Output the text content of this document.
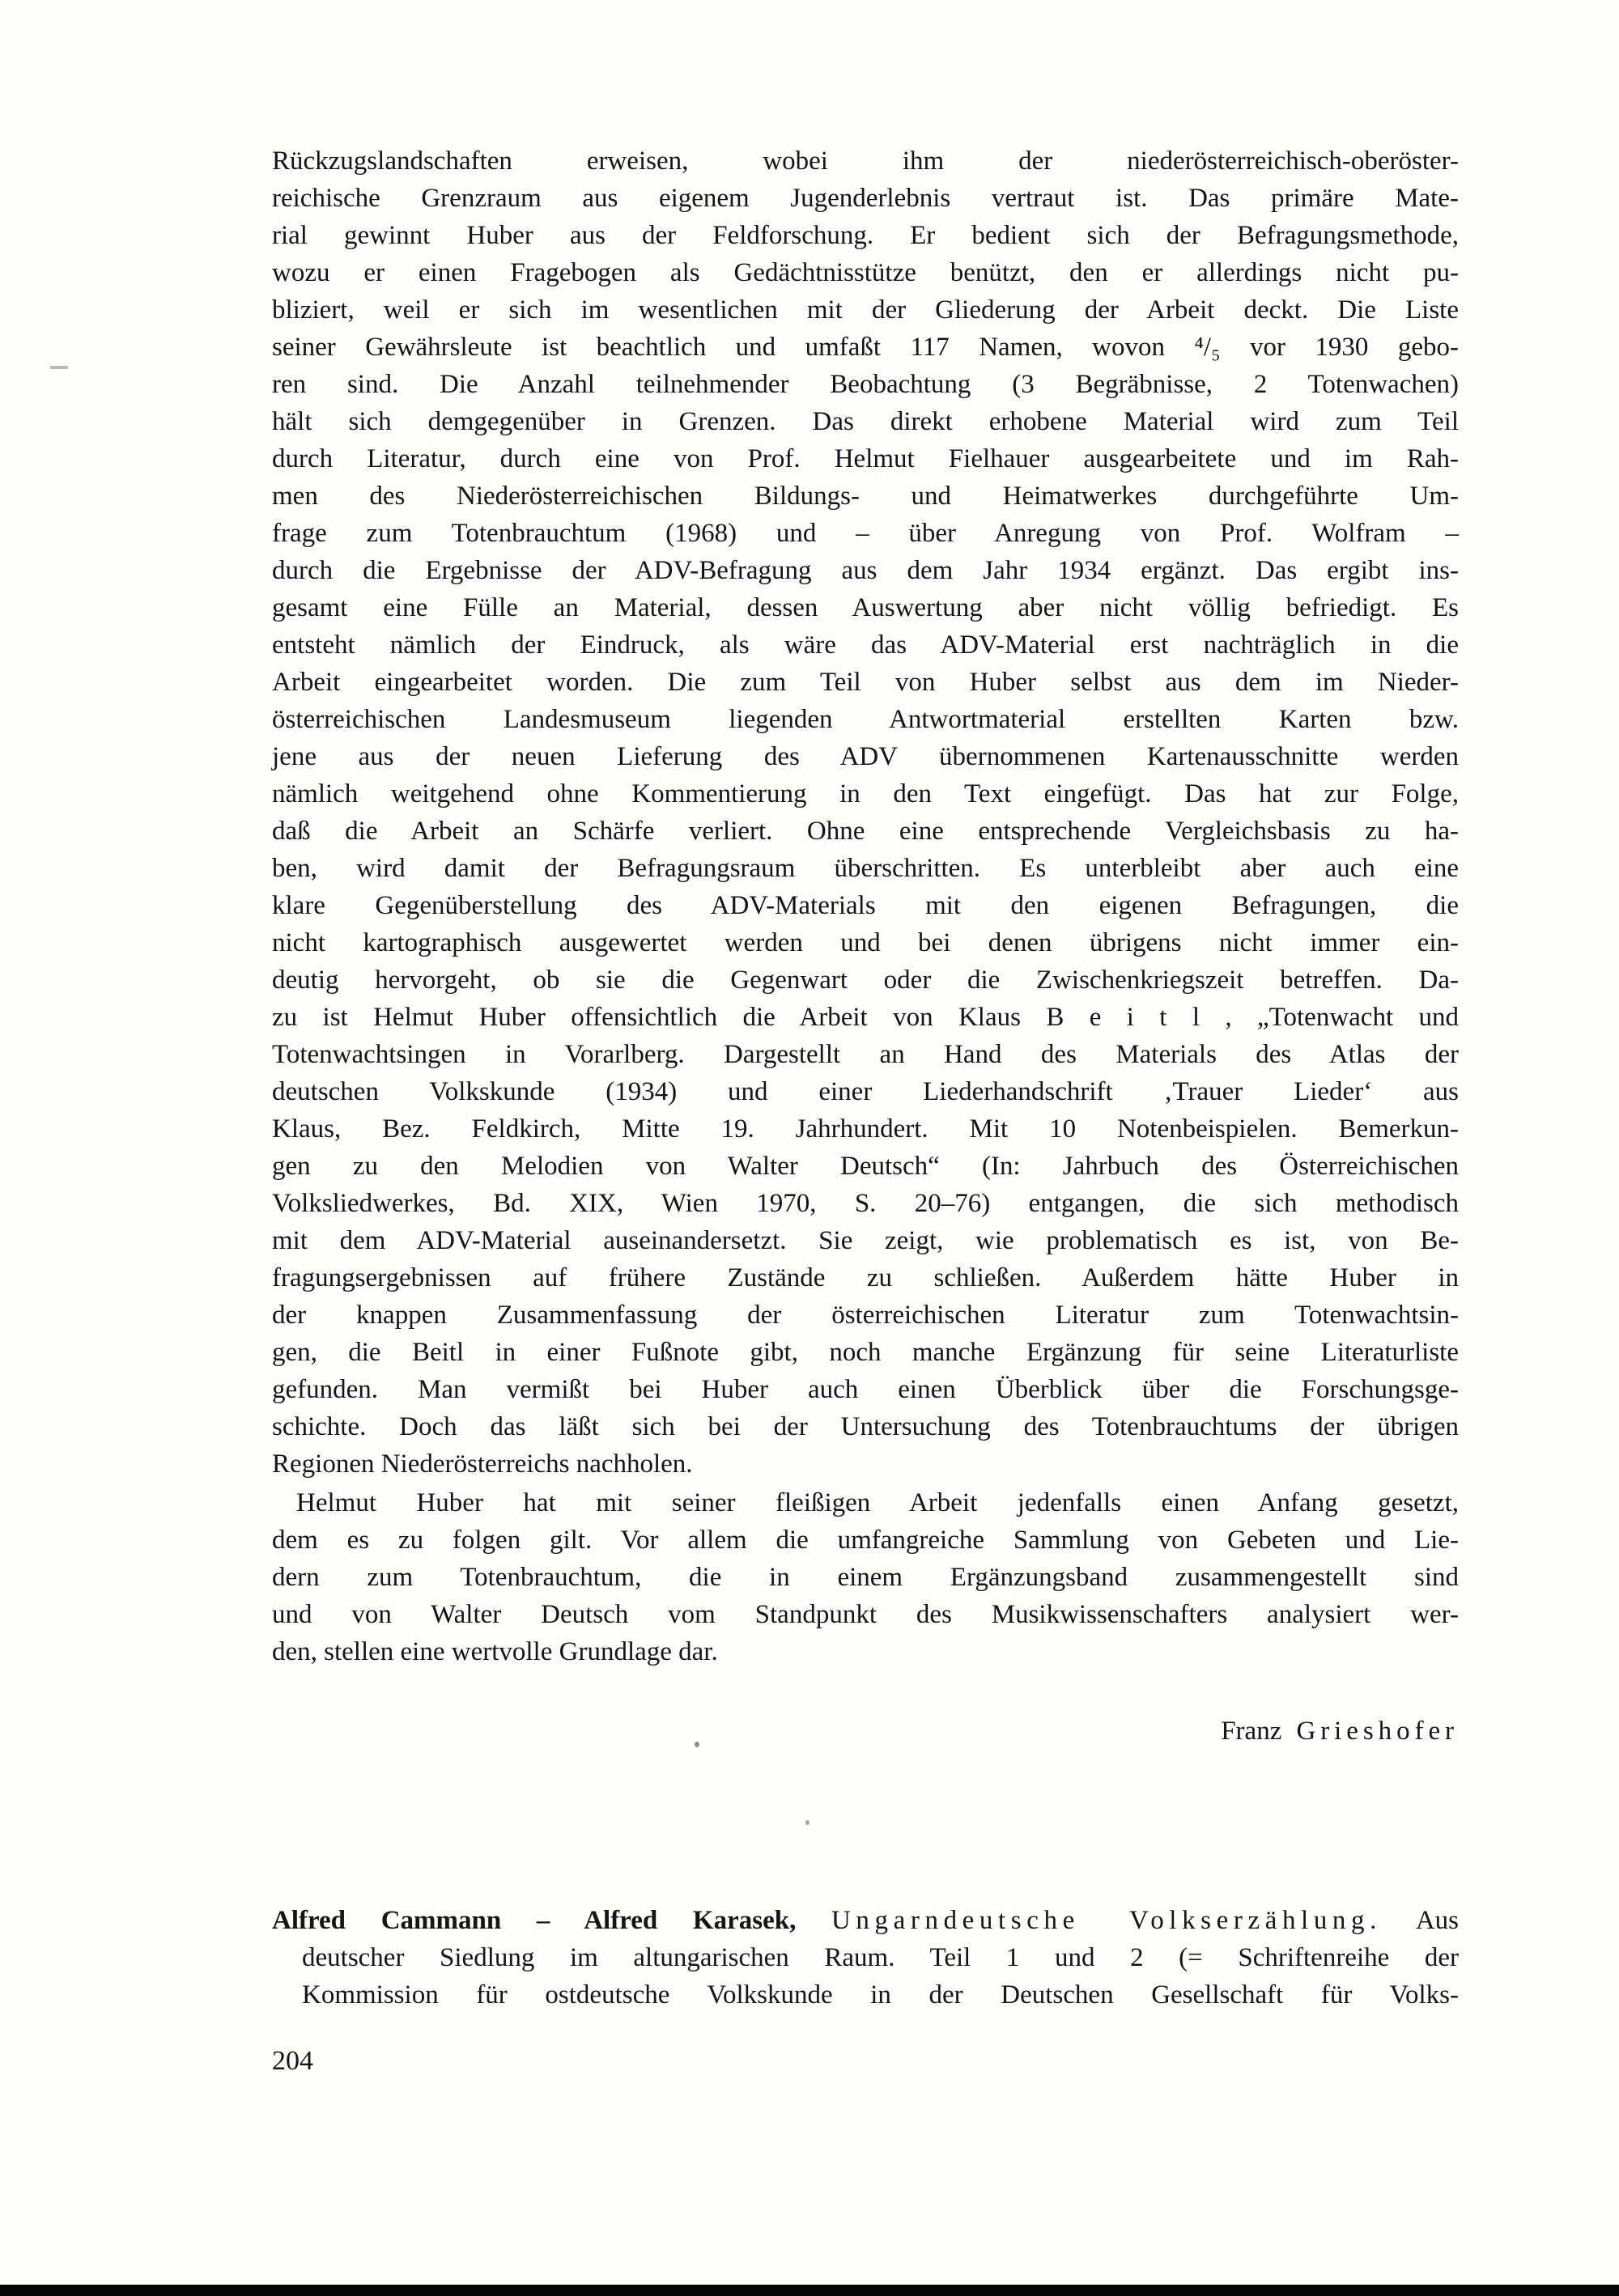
Rückzugslandschaften erweisen, wobei ihm der niederösterreichisch-oberöster-
reichische Grenzraum aus eigenem Jugenderlebnis vertraut ist. Das primäre Mate-
rial gewinnt Huber aus der Feldforschung. Er bedient sich der Befragungsmethode,
wozu er einen Fragebogen als Gedächtnisstütze benützt, den er allerdings nicht pu-
bliziert, weil er sich im wesentlichen mit der Gliederung der Arbeit deckt. Die Liste
seiner Gewährsleute ist beachtlich und umfaßt 117 Namen, wovon ⁴/₅ vor 1930 gebo-
ren sind. Die Anzahl teilnehmender Beobachtung (3 Begräbnisse, 2 Totenwachen)
hält sich demgegenüber in Grenzen. Das direkt erhobene Material wird zum Teil
durch Literatur, durch eine von Prof. Helmut Fielhauer ausgearbeitete und im Rah-
men des Niederösterreichischen Bildungs- und Heimatwerkes durchgeführte Um-
frage zum Totenbrauchtum (1968) und – über Anregung von Prof. Wolfram –
durch die Ergebnisse der ADV-Befragung aus dem Jahr 1934 ergänzt. Das ergibt ins-
gesamt eine Fülle an Material, dessen Auswertung aber nicht völlig befriedigt. Es
entsteht nämlich der Eindruck, als wäre das ADV-Material erst nachträglich in die
Arbeit eingearbeitet worden. Die zum Teil von Huber selbst aus dem im Nieder-
österreichischen Landesmuseum liegenden Antwortmaterial erstellten Karten bzw.
jene aus der neuen Lieferung des ADV übernommenen Kartenausschnitte werden
nämlich weitgehend ohne Kommentierung in den Text eingefügt. Das hat zur Folge,
daß die Arbeit an Schärfe verliert. Ohne eine entsprechende Vergleichsbasis zu ha-
ben, wird damit der Befragungsraum überschritten. Es unterbleibt aber auch eine
klare Gegenüberstellung des ADV-Materials mit den eigenen Befragungen, die
nicht kartographisch ausgewertet werden und bei denen übrigens nicht immer ein-
deutig hervorgeht, ob sie die Gegenwart oder die Zwischenkriegszeit betreffen. Da-
zu ist Helmut Huber offensichtlich die Arbeit von Klaus B e i t l , „Totenwacht und
Totenwachtsingen in Vorarlberg. Dargestellt an Hand des Materials des Atlas der
deutschen Volkskunde (1934) und einer Liederhandschrift ‚Trauer Lieder‘ aus
Klaus, Bez. Feldkirch, Mitte 19. Jahrhundert. Mit 10 Notenbeispielen. Bemerkun-
gen zu den Melodien von Walter Deutsch“ (In: Jahrbuch des Österreichischen
Volksliedwerkes, Bd. XIX, Wien 1970, S. 20–76) entgangen, die sich methodisch
mit dem ADV-Material auseinandersetzt. Sie zeigt, wie problematisch es ist, von Be-
fragungsergebnissen auf frühere Zustände zu schließen. Außerdem hätte Huber in
der knappen Zusammenfassung der österreichischen Literatur zum Totenwachtsin-
gen, die Beitl in einer Fußnote gibt, noch manche Ergänzung für seine Literaturliste
gefunden. Man vermißt bei Huber auch einen Überblick über die Forschungsge-
schichte. Doch das läßt sich bei der Untersuchung des Totenbrauchtums der übrigen
Regionen Niederösterreichs nachholen.
Helmut Huber hat mit seiner fleißigen Arbeit jedenfalls einen Anfang gesetzt,
dem es zu folgen gilt. Vor allem die umfangreiche Sammlung von Gebeten und Lie-
dern zum Totenbrauchtum, die in einem Ergänzungsband zusammengestellt sind
und von Walter Deutsch vom Standpunkt des Musikwissenschafters analysiert wer-
den, stellen eine wertvolle Grundlage dar.
Franz Grieshofer
Alfred Cammann – Alfred Karasek, Ungarndeutsche Volkserzählung. Aus
deutscher Siedlung im altungarischen Raum. Teil 1 und 2 (= Schriftenreihe der
Kommission für ostdeutsche Volkskunde in der Deutschen Gesellschaft für Volks-
204
